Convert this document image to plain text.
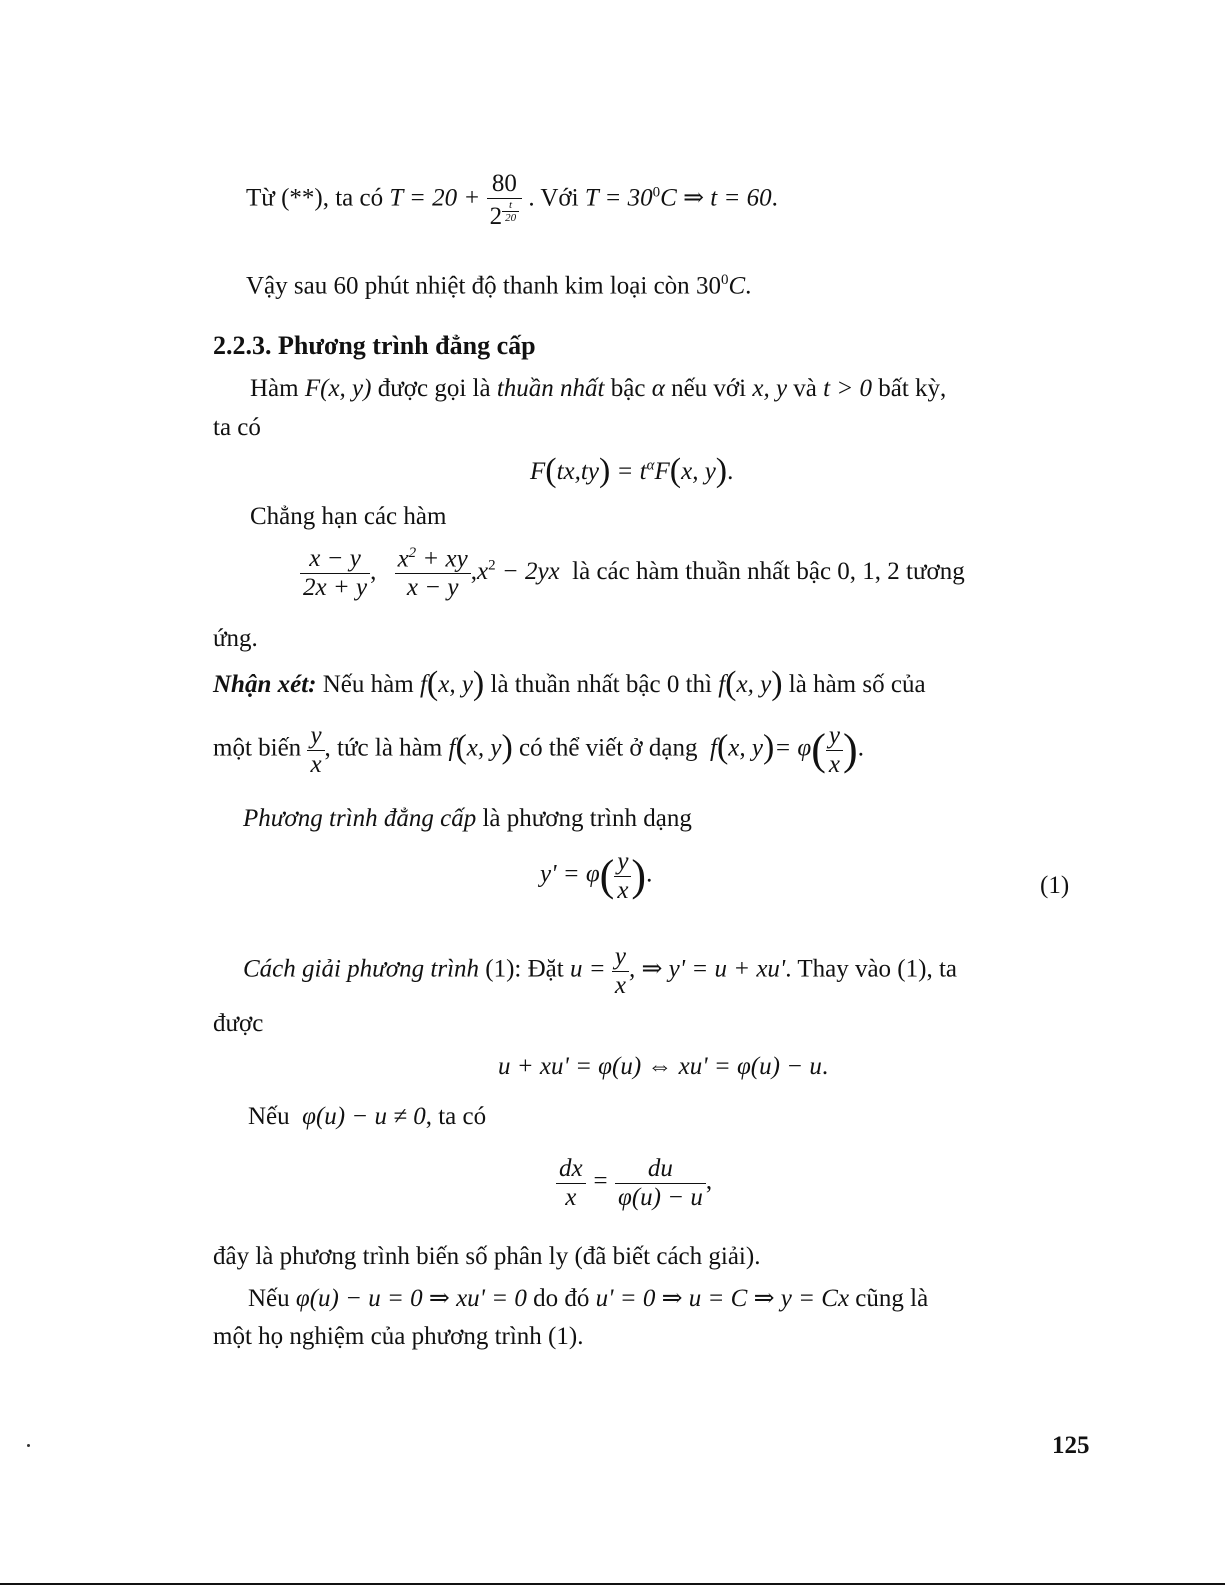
Từ (**), ta có T = 20 + 80
2 $^{\frac{t}{20}}$ . Với $T = 30^0C$ ⇒ t = 60.
Vậy sau 60 phút nhiệt độ thanh kim loại còn $30^0C$.
2.2.3. Phương trình đẳng cấp
Hàm F(x, y) được gọi là thuần nhất bậc α nếu với x, y và t > 0 bất kỳ,
ta có
$F(tx,ty) = t^\alpha F(x$, y).
Chẳng hạn các hàm
$\frac{x - y}{2x + y}$ , $\frac{x^2 + xy}{x - y} ,x^2 - 2yx$ là các hàm thuần nhất bậc 0, 1, 2 tương
ứng.
Nhận xét: Nếu hàm f(x, y) là thuần nhất bậc 0 thì f(x, y) là hàm số của
một biến $\frac{y}{x}$ , tức là hàm f(x, y) có thể viết ở dạng f(x, $y)= \varphi( \frac{y}{x}$ ).
Phương trình đẳng cấp là phương trình dạng
$y' = \varphi( \frac{y}{x}$ ).	(1)
Cách giải phương trình (1): Đặt $u = \frac{y}{x}$ , ⇒ y' = u + xu'. Thay vào (1), ta
được
u + xu' = φ(u) ⇔ xu' = φ(u) − u.
Nếu φ(u) − u ≠ 0, ta có
$\frac{dx}{x} = \frac{du}{\varphi(u) - u}$ ,
đây là phương trình biến số phân ly (đã biết cách giải).
Nếu φ(u) − u = 0 ⇒ xu' = 0 do đó u' = 0 ⇒ u = C ⇒ y = Cx cũng là
một họ nghiệm của phương trình (1).
125
